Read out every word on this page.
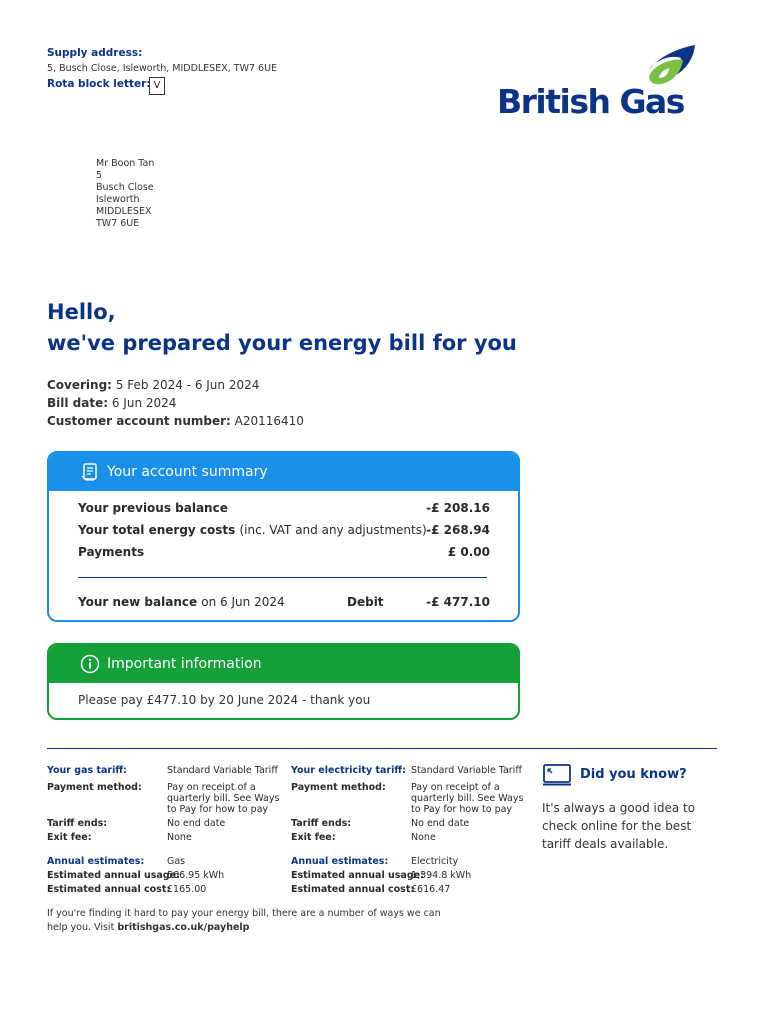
Supply address:
5, Busch Close, Isleworth, MIDDLESEX, TW7 6UE
Rota block letter: V	British Gas
Mr Boon Tan
5
Busch Close
Isleworth
MIDDLESEX
TW7 6UE
Hello,
we've prepared your energy bill for you
Covering: 5 Feb 2024 - 6 Jun 2024
Bill date: 6 Jun 2024
Customer account number: A20116410
Your account summary
Your previous balance	-£ 208.16
Your total energy costs (inc. VAT and any adjustments) -£ 268.94
Payments	£ 0.00
Your new balance on 6 Jun 2024	Debit	-£ 477.10
Important information
Please pay £477.10 by 20 June 2024 - thank you
Your gas tariff:	Standard Variable Tariff
Payment method:	Pay on receipt of a quarterly bill. See Ways to Pay for how to pay
Tariff ends:	No end date
Exit fee:	None
Annual estimates: Gas
Estimated annual usage:
566.95 kWh
Estimated annual cost:
£165.00
Your electricity tariff: Standard Variable Tariff
Payment method:	Pay on receipt of a quarterly bill. See Ways to Pay for how to pay
Tariff ends:	No end date
Exit fee:	None
Annual estimates: Electricity
Estimated annual usage:
1,394.8 kWh
Estimated annual cost:
£616.47
Did you know?
It's always a good idea to check online for the best tariff deals available.
If you're finding it hard to pay your energy bill, there are a number of ways we can help you. Visit britishgas.co.uk/payhelp
